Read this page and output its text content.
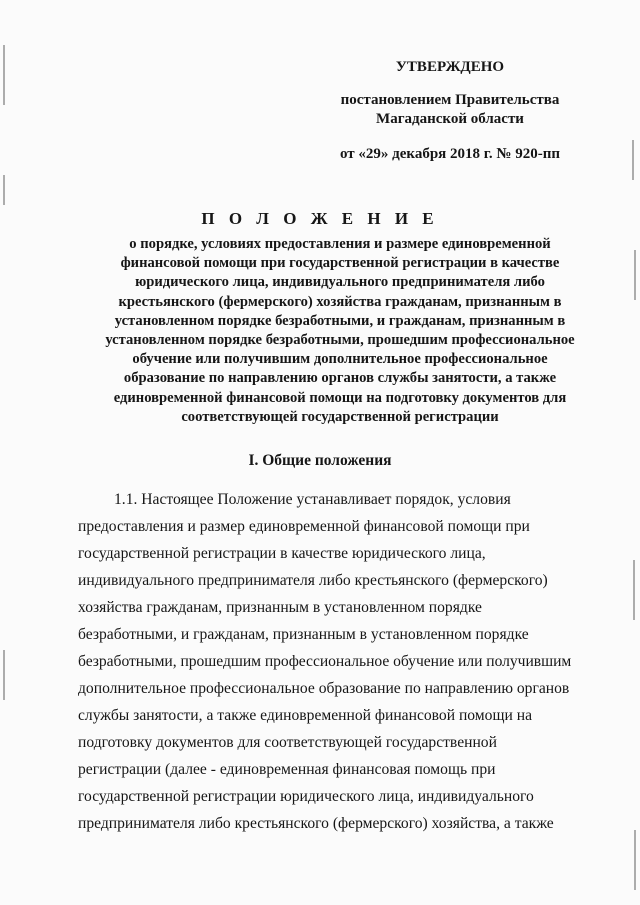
УТВЕРЖДЕНО
постановлением Правительства
Магаданской области
от «29» декабря 2018 г. № 920-пп
П О Л О Ж Е Н И Е
о порядке, условиях предоставления и размере единовременной
финансовой помощи при государственной регистрации в качестве
юридического лица, индивидуального предпринимателя либо
крестьянского (фермерского) хозяйства гражданам, признанным в
установленном порядке безработными, и гражданам, признанным в
установленном порядке безработными, прошедшим профессиональное
обучение или получившим дополнительное профессиональное
образование по направлению органов службы занятости, а также
единовременной финансовой помощи на подготовку документов для
соответствующей государственной регистрации
I. Общие положения
1.1. Настоящее Положение устанавливает порядок, условия
предоставления и размер единовременной финансовой помощи при
государственной регистрации в качестве юридического лица,
индивидуального предпринимателя либо крестьянского (фермерского)
хозяйства гражданам, признанным в установленном порядке
безработными, и гражданам, признанным в установленном порядке
безработными, прошедшим профессиональное обучение или получившим
дополнительное профессиональное образование по направлению органов
службы занятости, а также единовременной финансовой помощи на
подготовку документов для соответствующей государственной
регистрации (далее - единовременная финансовая помощь при
государственной регистрации юридического лица, индивидуального
предпринимателя либо крестьянского (фермерского) хозяйства, а также
